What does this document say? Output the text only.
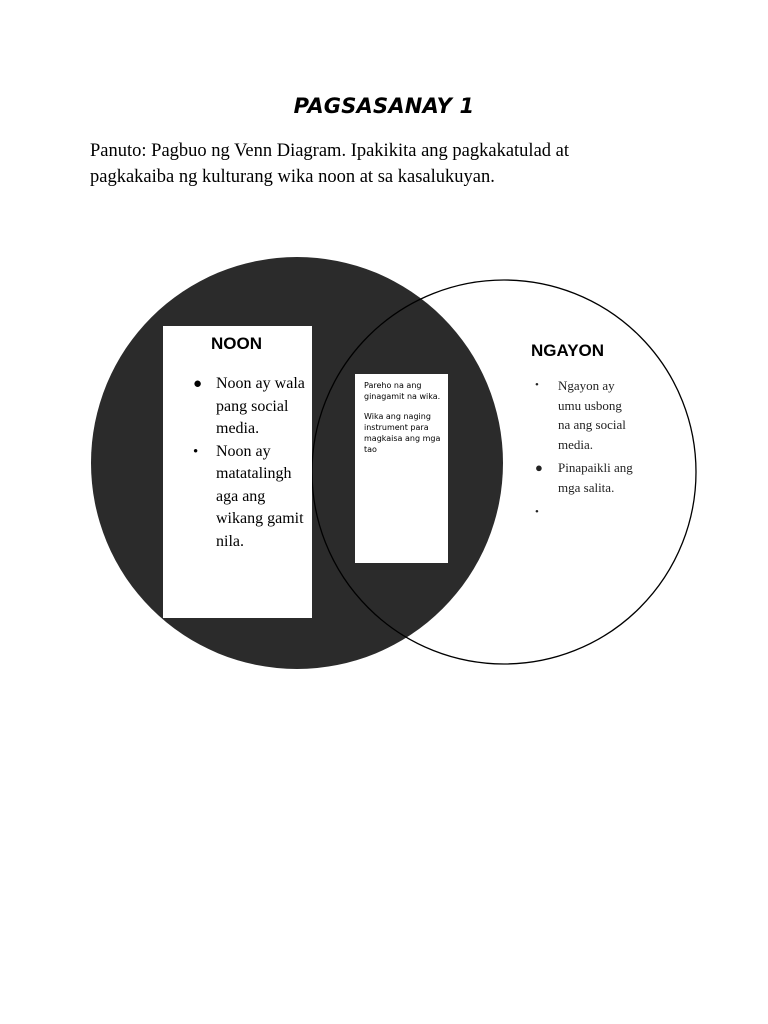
PAGSASANAY 1
Panuto: Pagbuo ng Venn Diagram. Ipakikita ang pagkakatulad at
pagkakaiba ng kulturang wika noon at sa kasalukuyan.
NOON
● Noon ay wala pang social media.
•	Noon ay matatalingh aga ang wikang gamit nila.

Pareho na ang ginagamit na wika.

Wika ang naging instrument para magkaisa ang mga tao

NGAYON
•	Ngayon ay umu usbong na ang social media.
●	Pinapaikli ang mga salita.
•
